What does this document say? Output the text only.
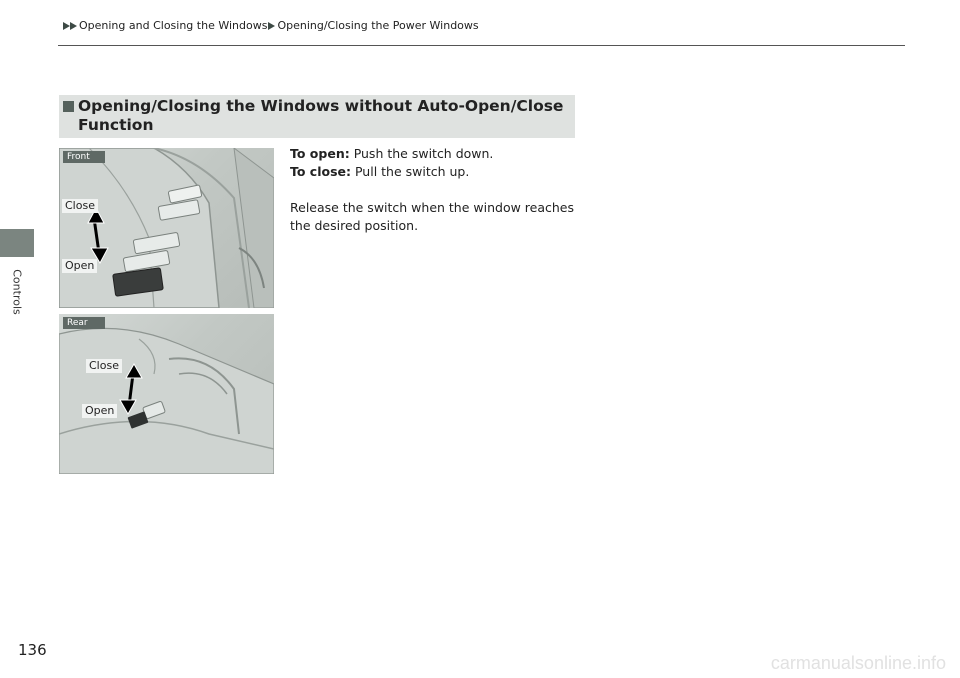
Controls
Opening and Closing the Windows Opening/Closing the Power Windows
Opening/Closing the Windows without Auto-Open/Close Function
Front
Close
Open
Rear
Close
Open

To open: Push the switch down.

To close: Pull the switch up.

Release the switch when the window reaches the desired position.

136
carmanualsonline.info
